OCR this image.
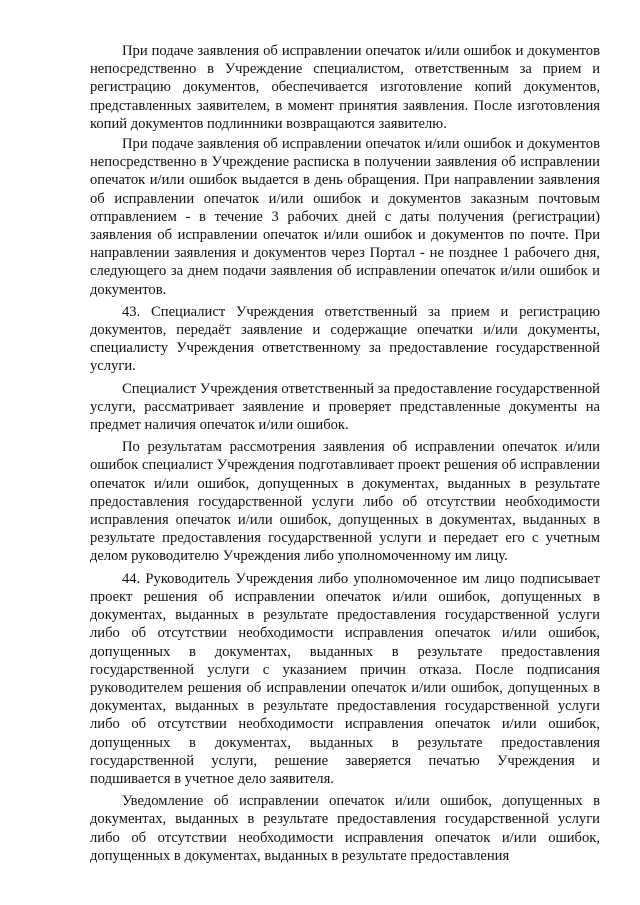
При подаче заявления об исправлении опечаток и/или ошибок и документов непосредственно в Учреждение специалистом, ответственным за прием и регистрацию документов, обеспечивается изготовление копий документов, представленных заявителем, в момент принятия заявления. После изготовления копий документов подлинники возвращаются заявителю.

При подаче заявления об исправлении опечаток и/или ошибок и документов непосредственно в Учреждение расписка в получении заявления об исправлении опечаток и/или ошибок выдается в день обращения. При направлении заявления об исправлении опечаток и/или ошибок и документов заказным почтовым отправлением - в течение 3 рабочих дней с даты получения (регистрации) заявления об исправлении опечаток и/или ошибок и документов по почте. При направлении заявления и документов через Портал - не позднее 1 рабочего дня, следующего за днем подачи заявления об исправлении опечаток и/или ошибок и документов.

43. Специалист Учреждения ответственный за прием и регистрацию документов, передаёт заявление и содержащие опечатки и/или документы, специалисту Учреждения ответственному за предоставление государственной услуги.

Специалист Учреждения ответственный за предоставление государственной услуги, рассматривает заявление и проверяет представленные документы на предмет наличия опечаток и/или ошибок.

По результатам рассмотрения заявления об исправлении опечаток и/или ошибок специалист Учреждения подготавливает проект решения об исправлении опечаток и/или ошибок, допущенных в документах, выданных в результате предоставления государственной услуги либо об отсутствии необходимости исправления опечаток и/или ошибок, допущенных в документах, выданных в результате предоставления государственной услуги и передает его с учетным делом руководителю Учреждения либо уполномоченному им лицу.

44. Руководитель Учреждения либо уполномоченное им лицо подписывает проект решения об исправлении опечаток и/или ошибок, допущенных в документах, выданных в результате предоставления государственной услуги либо об отсутствии необходимости исправления опечаток и/или ошибок, допущенных в документах, выданных в результате предоставления государственной услуги с указанием причин отказа. После подписания руководителем решения об исправлении опечаток и/или ошибок, допущенных в документах, выданных в результате предоставления государственной услуги либо об отсутствии необходимости исправления опечаток и/или ошибок, допущенных в документах, выданных в результате предоставления государственной услуги, решение заверяется печатью Учреждения и подшивается в учетное дело заявителя.

Уведомление об исправлении опечаток и/или ошибок, допущенных в документах, выданных в результате предоставления государственной услуги либо об отсутствии необходимости исправления опечаток и/или ошибок, допущенных в документах, выданных в результате предоставления
